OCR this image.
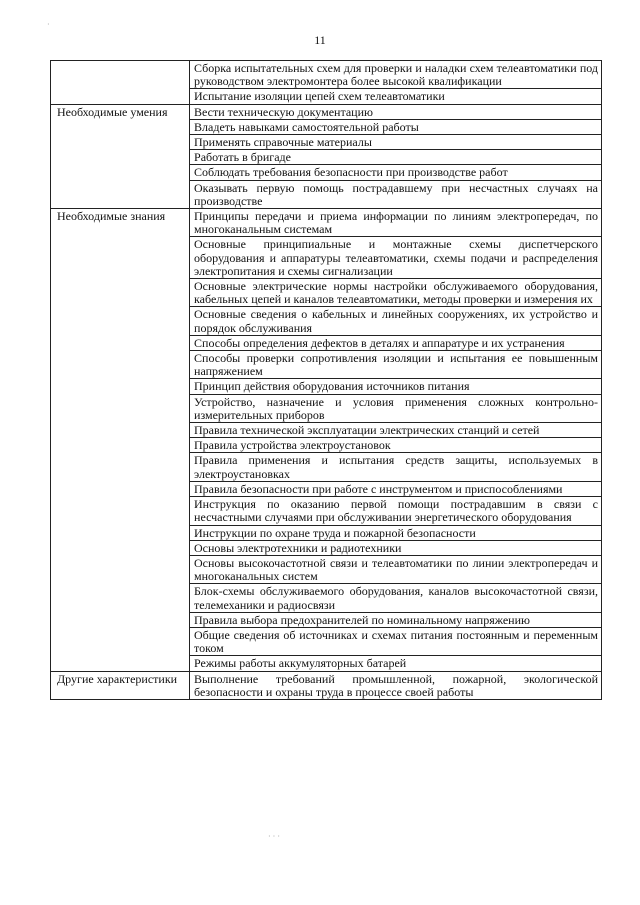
11
·
· · ·
	Сборка испытательных схем для проверки и наладки схем телеавтоматики под руководством электромонтера более высокой квалификации
	Испытание изоляции цепей схем телеавтоматики
Необходимые умения	Вести техническую документацию
	Владеть навыками самостоятельной работы
	Применять справочные материалы
	Работать в бригаде
	Соблюдать требования безопасности при производстве работ
	Оказывать первую помощь пострадавшему при несчастных случаях на производстве
Необходимые знания	Принципы передачи и приема информации по линиям электропередач, по многоканальным системам
	Основные принципиальные и монтажные схемы диспетчерского оборудования и аппаратуры телеавтоматики, схемы подачи и распределения электропитания и схемы сигнализации
	Основные электрические нормы настройки обслуживаемого оборудования, кабельных цепей и каналов телеавтоматики, методы проверки и измерения их
	Основные сведения о кабельных и линейных сооружениях, их устройство и порядок обслуживания
	Способы определения дефектов в деталях и аппаратуре и их устранения
	Способы проверки сопротивления изоляции и испытания ее повышенным напряжением
	Принцип действия оборудования источников питания
	Устройство, назначение и условия применения сложных контрольно-измерительных приборов
	Правила технической эксплуатации электрических станций и сетей
	Правила устройства электроустановок
	Правила применения и испытания средств защиты, используемых в электроустановках
	Правила безопасности при работе с инструментом и приспособлениями
	Инструкция по оказанию первой помощи пострадавшим в связи с несчастными случаями при обслуживании энергетического оборудования
	Инструкции по охране труда и пожарной безопасности
	Основы электротехники и радиотехники
	Основы высокочастотной связи и телеавтоматики по линии электропередач и многоканальных систем
	Блок-схемы обслуживаемого оборудования, каналов высокочастотной связи, телемеханики и радиосвязи
	Правила выбора предохранителей по номинальному напряжению
	Общие сведения об источниках и схемах питания постоянным и переменным током
	Режимы работы аккумуляторных батарей
Другие характеристики	Выполнение требований промышленной, пожарной, экологической безопасности и охраны труда в процессе своей работы
